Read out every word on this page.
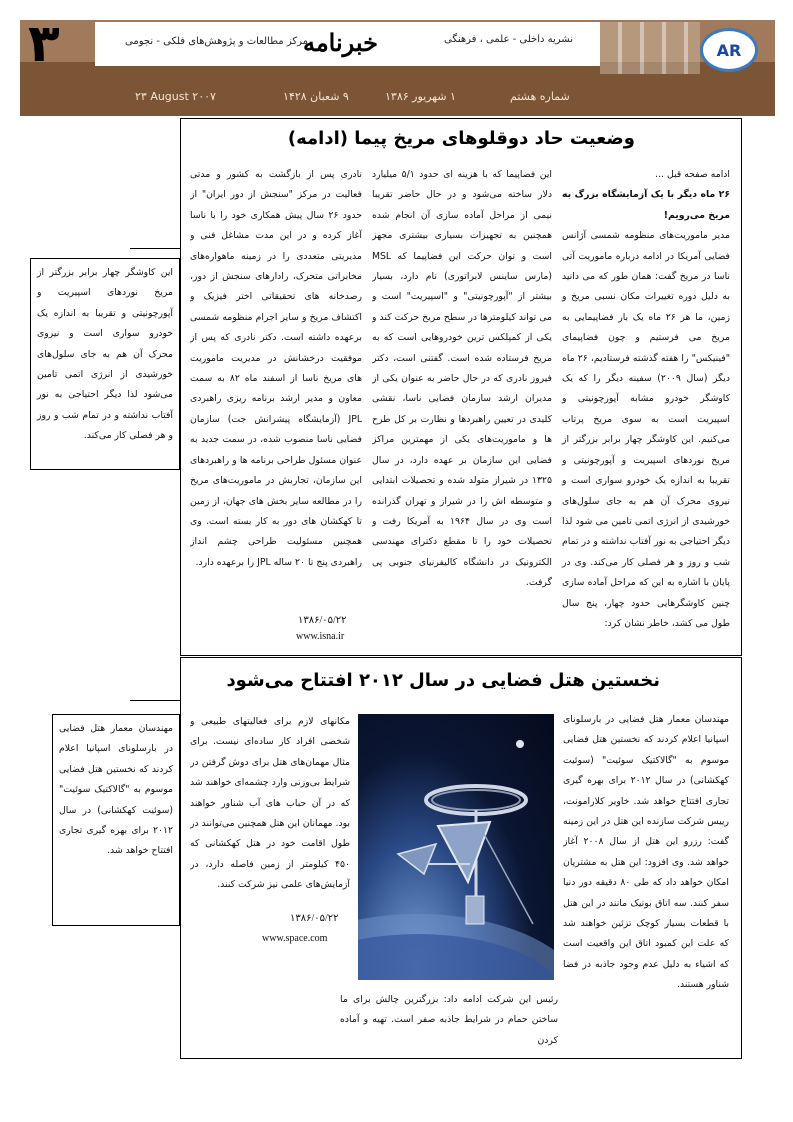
AR
۳	خبرنامه	نشریه داخلی - علمی ، فرهنگی
مرکز مطالعات و پژوهش‌های فلکی - نجومی
شماره هشتم
۱ شهریور ۱۳۸۶
۹ شعبان ۱۴۲۸
۲۳ August ۲۰۰۷
وضعیت حاد دوقلوهای مریخ پیما (ادامه)
ادامه صفحه قبل ...
۲۶ ماه دیگر با یک آزمایشگاه بزرگ به مریخ می‌رویم!
مدیر ماموریت‌های منظومه شمسی آژانس فضایی آمریکا در ادامه درباره ماموریت آتی ناسا در مریخ گفت: همان طور که می دانید به دلیل دوره تغییرات مکان نسبی مریخ و زمین، ما هر ۲۶ ماه یک بار فضاپیمایی به مریخ می فرستیم و چون فضاپیمای "فینیکس" را هفته گذشته فرستادیم، ۲۶ ماه دیگر (سال ۲۰۰۹) سفینه دیگر را که یک کاوشگر خودرو مشابه آپورچونیتی و اسپیریت است به سوی مریخ پرتاب می‌کنیم. این کاوشگر چهار برابر بزرگتر از مریخ نوردهای اسپیریت و آپورچونیتی و تقریبا به اندازه یک خودرو سواری است و نیروی محرک آن هم به جای سلول‌های خورشیدی از انرژی اتمی تامین می شود لذا دیگر احتیاجی به نور آفتاب نداشته و در تمام شب و روز و هر فصلی کار می‌کند. وی در پایان با اشاره به این که مراحل آماده سازی چنین کاوشگرهایی حدود چهار، پنج سال طول می کشد، خاطر نشان کرد:
این فضاپیما که با هزینه ای حدود ۵/۱ میلیارد دلار ساخته می‌شود و در حال حاضر تقریبا نیمی از مراحل آماده سازی آن انجام شده همچنین به تجهیزات بسیاری بیشتری مجهز است و توان حرکت این فضاپیما که MSL (مارس ساینس لابراتوری) نام دارد، بسیار بیشتر از "آپورچونیتی" و "اسپیریت" است و می تواند کیلومترها در سطح مریخ حرکت کند و یکی از کمپلکس ترین خودروهایی است که به مریخ فرستاده شده است. گفتنی است، دکتر فیروز نادری که در حال حاضر به عنوان یکی از مدیران ارشد سازمان فضایی ناسا، نقشی کلیدی در تعیین راهبردها و نظارت بر کل طرح ها و ماموریت‌های یکی از مهمترین مراکز فضایی این سازمان بر عهده دارد، در سال ۱۳۲۵ در شیراز متولد شده و تحصیلات ابتدایی و متوسطه اش را در شیراز و تهران گذرانده است وی در سال ۱۹۶۴ به آمریکا رفت و تحصیلات خود را تا مقطع دکترای مهندسی الکترونیک در دانشگاه کالیفرنیای جنوبی پی گرفت.
نادری پس از بازگشت به کشور و مدتی فعالیت در مرکز "سنجش از دور ایران" از حدود ۲۶ سال پیش همکاری خود را با ناسا آغاز کرده و در این مدت مشاغل فنی و مدیریتی متعددی را در زمینه ماهواره‌های مخابراتی متحرک، رادارهای سنجش از دور، رصدخانه های تحقیقاتی اختر فیزیک و اکتشاف مریخ و سایر اجرام منظومه شمسی برعهده داشته است. دکتر نادری که پس از موفقیت درخشانش در مدیریت ماموریت های مریخ ناسا از اسفند ماه ۸۲ به سمت معاون و مدیر ارشد برنامه ریزی راهبردی JPL (آزمایشگاه پیشرانش جت) سازمان فضایی ناسا منصوب شده، در سمت جدید به عنوان مسئول طراحی برنامه ها و راهبردهای این سازمان، تجاربش در ماموریت‌های مریخ را در مطالعه سایر بخش های جهان، از زمین تا کهکشان های دور به کار بسته است. وی همچنین مسئولیت طراحی چشم انداز راهبردی پنج تا ۲۰ ساله JPL را برعهده دارد.
۱۳۸۶/۰۵/۲۲
www.isna.ir
این کاوشگر چهار برابر بزرگتر از مریخ نوردهای اسپیریت و آپورچونیتی و تقریبا به اندازه یک خودرو سواری است و نیروی محرک آن هم به جای سلول‌های خورشیدی از انرژی اتمی تامین می‌شود لذا دیگر احتیاجی به نور آفتاب نداشته و در تمام شب و روز و هر فصلی کار می‌کند.
نخستین هتل فضایی در سال ۲۰۱۲ افتتاح می‌شود
مهندسان معمار هتل فضایی در بارسلونای اسپانیا اعلام کردند که نخستین هتل فضایی موسوم به "گالاکتیک سوئیت" (سوئیت کهکشانی) در سال ۲۰۱۲ برای بهره گیری تجاری افتتاح خواهد شد. خاویر کلارامونت، رییس شرکت سازنده این هتل در این زمینه گفت: رزرو این هتل از سال ۲۰۰۸ آغاز خواهد شد. وی افزود: این هتل به مشتریان امکان خواهد داد که طی ۸۰ دقیقه دور دنیا سفر کنند. سه اتاق بوتیک مانند در این هتل با قطعات بسیار کوچک تزئین خواهند شد که علت این کمبود اتاق این واقعیت است که اشیاء به دلیل عدم وجود جاذبه در فضا شناور هستند.
مکانهای لازم برای فعالیتهای طبیعی و شخصی افراد کار ساده‌ای نیست. برای مثال مهمان‌های هتل برای دوش گرفتن در شرایط بی‌وزنی وارد چشمه‌ای خواهند شد که در آن حباب های آب شناور خواهند بود. مهمانان این هتل همچنین می‌توانند در طول اقامت خود در هتل کهکشانی که ۴۵۰ کیلومتر از زمین فاصله دارد، در آزمایش‌های علمی نیز شرکت کنند.
۱۳۸۶/۰۵/۲۲
www.space.com
رئیس این شرکت ادامه داد: بزرگترین چالش برای ما ساختن حمام در شرایط جاذبه صفر است. تهیه و آماده کردن
مهندسان معمار هتل فضایی در بارسلونای اسپانیا اعلام کردند که نخستین هتل فضایی موسوم به "گالاکتیک سوئیت" (سوئیت کهکشانی) در سال ۲۰۱۲ برای بهره گیری تجاری افتتاح خواهد شد.
